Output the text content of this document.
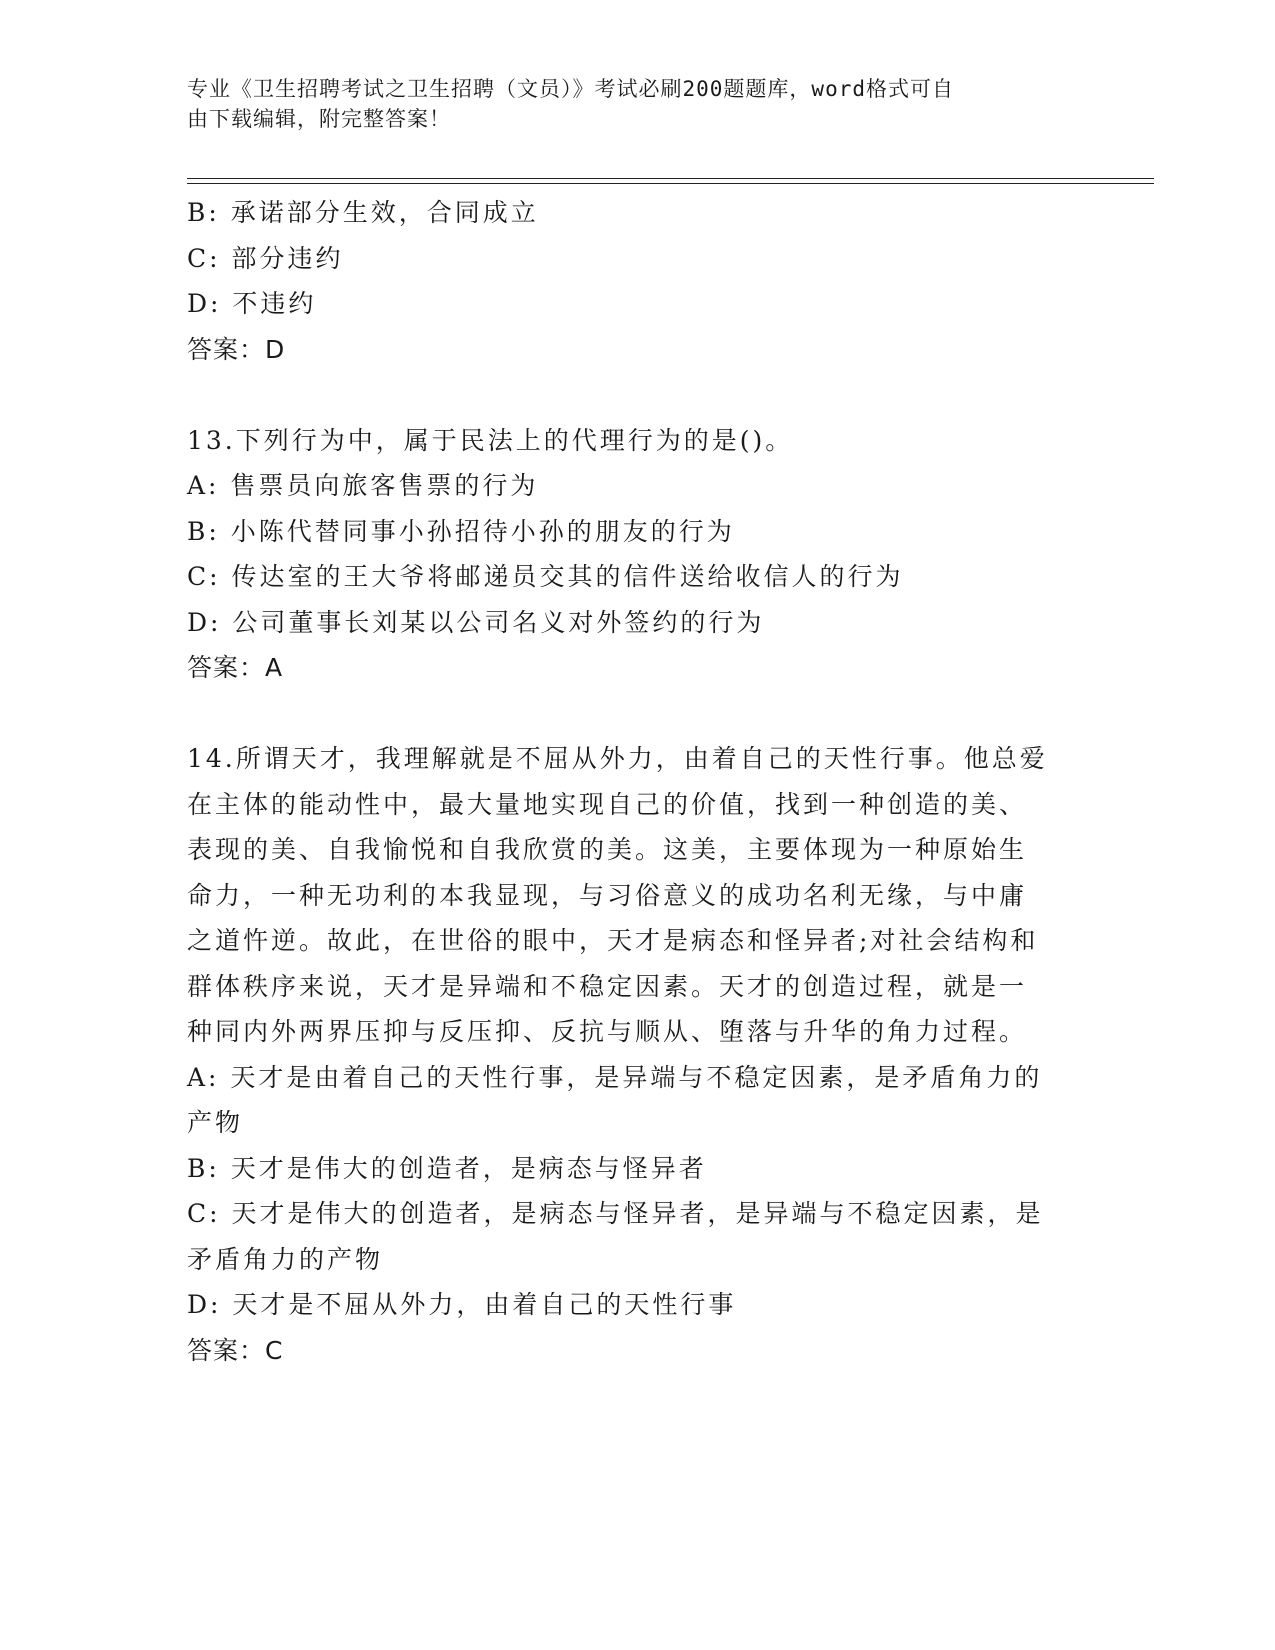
专业《卫生招聘考试之卫生招聘（文员）》考试必刷200题题库，word格式可自
由下载编辑，附完整答案！
B: 承诺部分生效，合同成立
C: 部分违约
D: 不违约
答案：D
13.下列行为中，属于民法上的代理行为的是()。
A: 售票员向旅客售票的行为
B: 小陈代替同事小孙招待小孙的朋友的行为
C: 传达室的王大爷将邮递员交其的信件送给收信人的行为
D: 公司董事长刘某以公司名义对外签约的行为
答案：A
14.所谓天才，我理解就是不屈从外力，由着自己的天性行事。他总爱
在主体的能动性中，最大量地实现自己的价值，找到一种创造的美、
表现的美、自我愉悦和自我欣赏的美。这美，主要体现为一种原始生
命力，一种无功利的本我显现，与习俗意义的成功名利无缘，与中庸
之道忤逆。故此，在世俗的眼中，天才是病态和怪异者;对社会结构和
群体秩序来说，天才是异端和不稳定因素。天才的创造过程，就是一
种同内外两界压抑与反压抑、反抗与顺从、堕落与升华的角力过程。
A: 天才是由着自己的天性行事，是异端与不稳定因素，是矛盾角力的
产物
B: 天才是伟大的创造者，是病态与怪异者
C: 天才是伟大的创造者，是病态与怪异者，是异端与不稳定因素，是
矛盾角力的产物
D: 天才是不屈从外力，由着自己的天性行事
答案：C
